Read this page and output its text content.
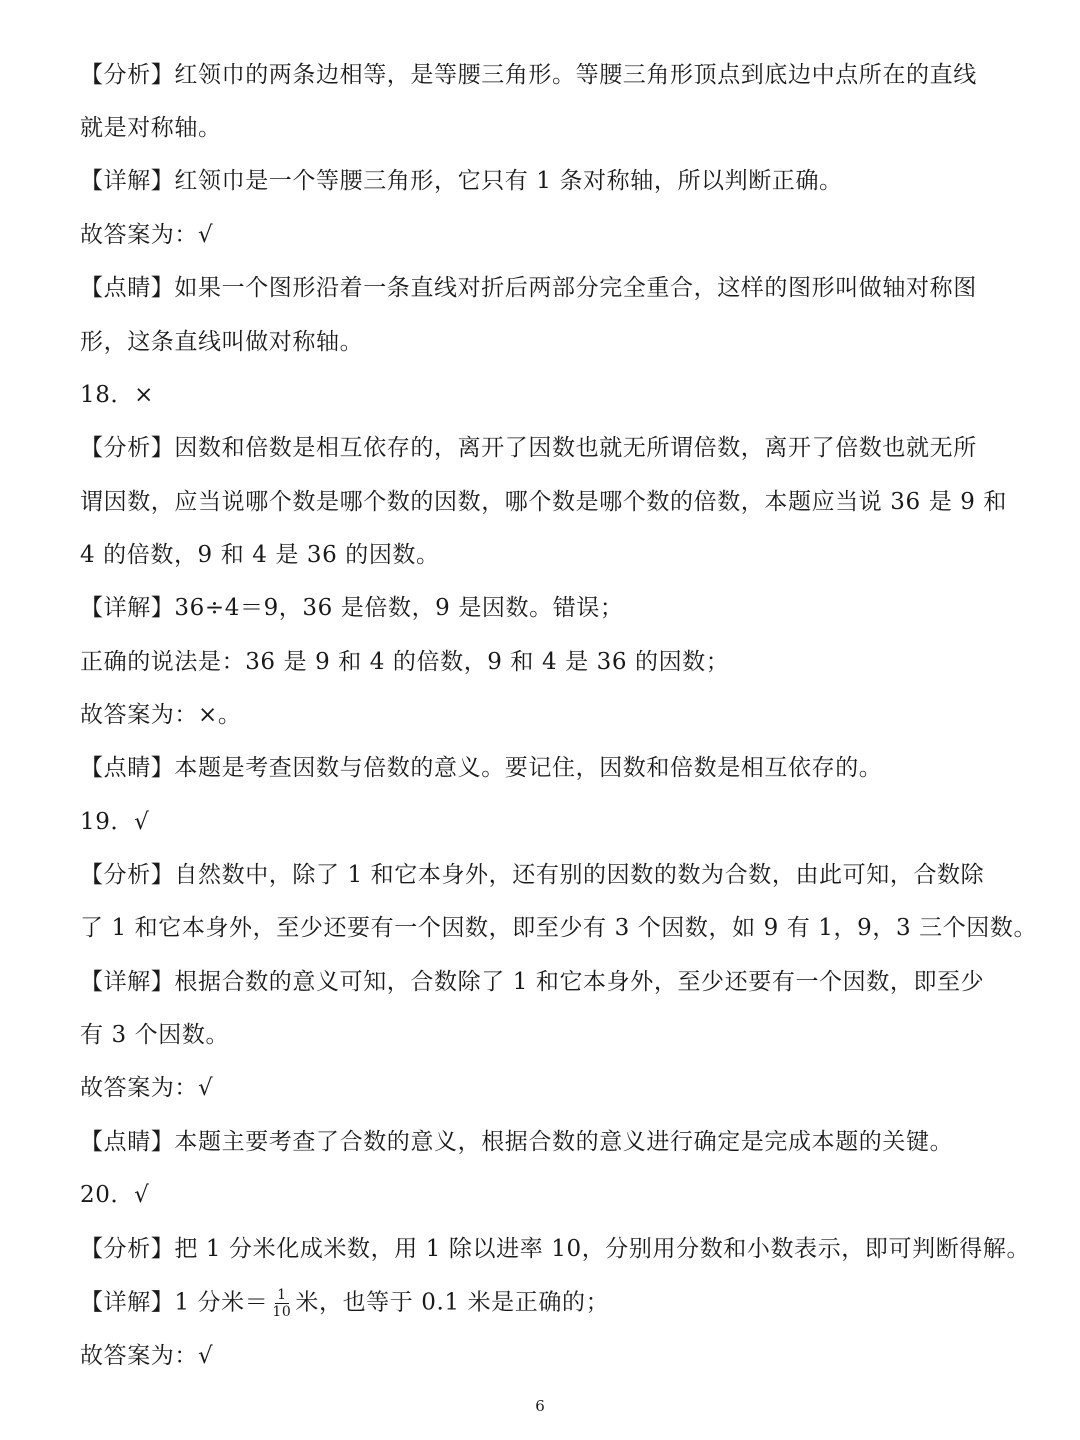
【分析】红领巾的两条边相等，是等腰三角形。等腰三角形顶点到底边中点所在的直线
就是对称轴。
【详解】红领巾是一个等腰三角形，它只有 1 条对称轴，所以判断正确。
故答案为：√
【点睛】如果一个图形沿着一条直线对折后两部分完全重合，这样的图形叫做轴对称图
形，这条直线叫做对称轴。
18．×
【分析】因数和倍数是相互依存的，离开了因数也就无所谓倍数，离开了倍数也就无所
谓因数，应当说哪个数是哪个数的因数，哪个数是哪个数的倍数，本题应当说 36 是 9 和
4 的倍数，9 和 4 是 36 的因数。
【详解】36÷4＝9，36 是倍数，9 是因数。错误；
正确的说法是：36 是 9 和 4 的倍数，9 和 4 是 36 的因数；
故答案为：×。
【点睛】本题是考查因数与倍数的意义。要记住，因数和倍数是相互依存的。
19．√
【分析】自然数中，除了 1 和它本身外，还有别的因数的数为合数，由此可知，合数除
了 1 和它本身外，至少还要有一个因数，即至少有 3 个因数，如 9 有 1，9，3 三个因数。
【详解】根据合数的意义可知，合数除了 1 和它本身外，至少还要有一个因数，即至少
有 3 个因数。
故答案为：√
【点睛】本题主要考查了合数的意义，根据合数的意义进行确定是完成本题的关键。
20．√
【分析】把 1 分米化成米数，用 1 除以进率 10，分别用分数和小数表示，即可判断得解。
【详解】1 分米＝ $\frac{1}{10}$ 米，也等于 0.1 米是正确的；
故答案为：√
6
